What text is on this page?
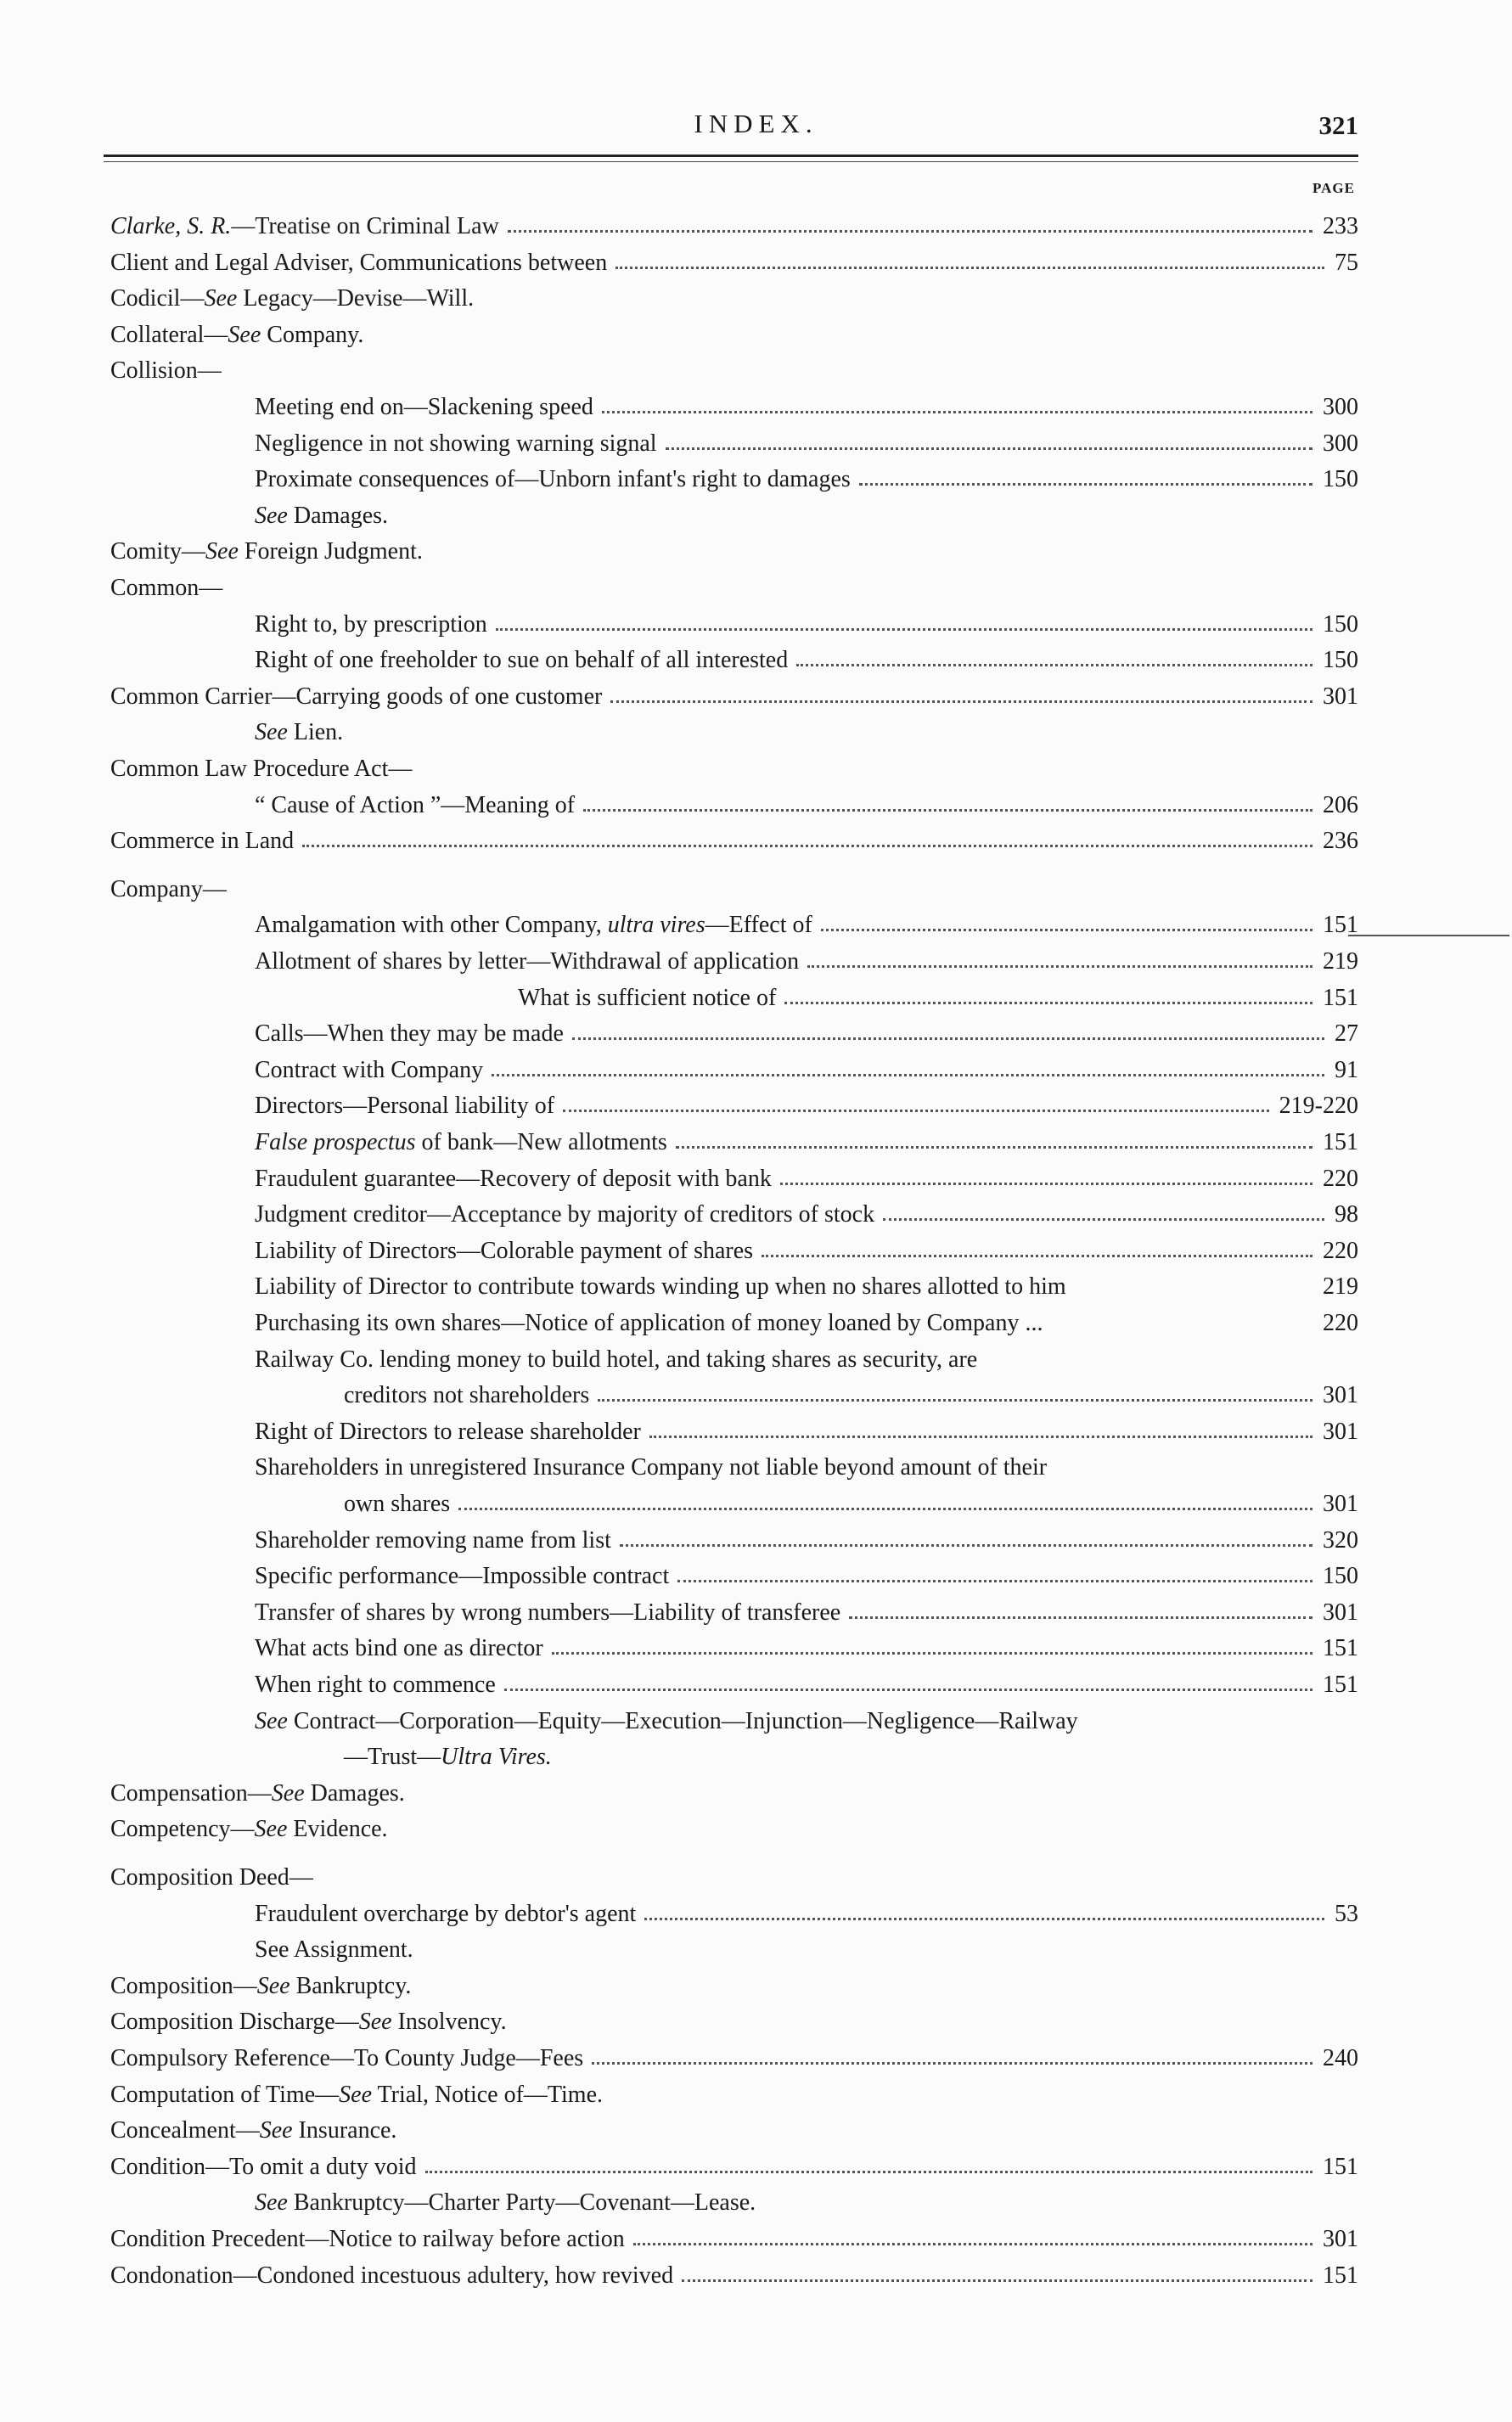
INDEX.	321
PAGE
Clarke, S. R.—Treatise on Criminal Law	233
Client and Legal Adviser, Communications between	75
Codicil—See Legacy—Devise—Will.
Collateral—See Company.
Collision—
Meeting end on—Slackening speed	300
Negligence in not showing warning signal	300
Proximate consequences of—Unborn infant's right to damages	150
See Damages.
Comity—See Foreign Judgment.
Common—
Right to, by prescription	150
Right of one freeholder to sue on behalf of all interested	150
Common Carrier—Carrying goods of one customer	301
See Lien.
Common Law Procedure Act—
“ Cause of Action ”—Meaning of	206
Commerce in Land	236
Company—
Amalgamation with other Company, ultra vires—Effect of	151
Allotment of shares by letter—Withdrawal of application	219
What is sufficient notice of	151
Calls—When they may be made	27
Contract with Company	91
Directors—Personal liability of	219-220
False prospectus of bank—New allotments	151
Fraudulent guarantee—Recovery of deposit with bank	220
Judgment creditor—Acceptance by majority of creditors of stock	98
Liability of Directors—Colorable payment of shares	220
Liability of Director to contribute towards winding up when no shares allotted to him	219
Purchasing its own shares—Notice of application of money loaned by Company ...	220
Railway Co. lending money to build hotel, and taking shares as security, are
creditors not shareholders	301
Right of Directors to release shareholder	301
Shareholders in unregistered Insurance Company not liable beyond amount of their
own shares	301
Shareholder removing name from list	320
Specific performance—Impossible contract	150
Transfer of shares by wrong numbers—Liability of transferee	301
What acts bind one as director	151
When right to commence	151
See Contract—Corporation—Equity—Execution—Injunction—Negligence—Railway
—Trust—Ultra Vires.
Compensation—See Damages.
Competency—See Evidence.
Composition Deed—
Fraudulent overcharge by debtor's agent	53
See Assignment.
Composition—See Bankruptcy.
Composition Discharge—See Insolvency.
Compulsory Reference—To County Judge—Fees	240
Computation of Time—See Trial, Notice of—Time.
Concealment—See Insurance.
Condition—To omit a duty void	151
See Bankruptcy—Charter Party—Covenant—Lease.
Condition Precedent—Notice to railway before action	301
Condonation—Condoned incestuous adultery, how revived	151
